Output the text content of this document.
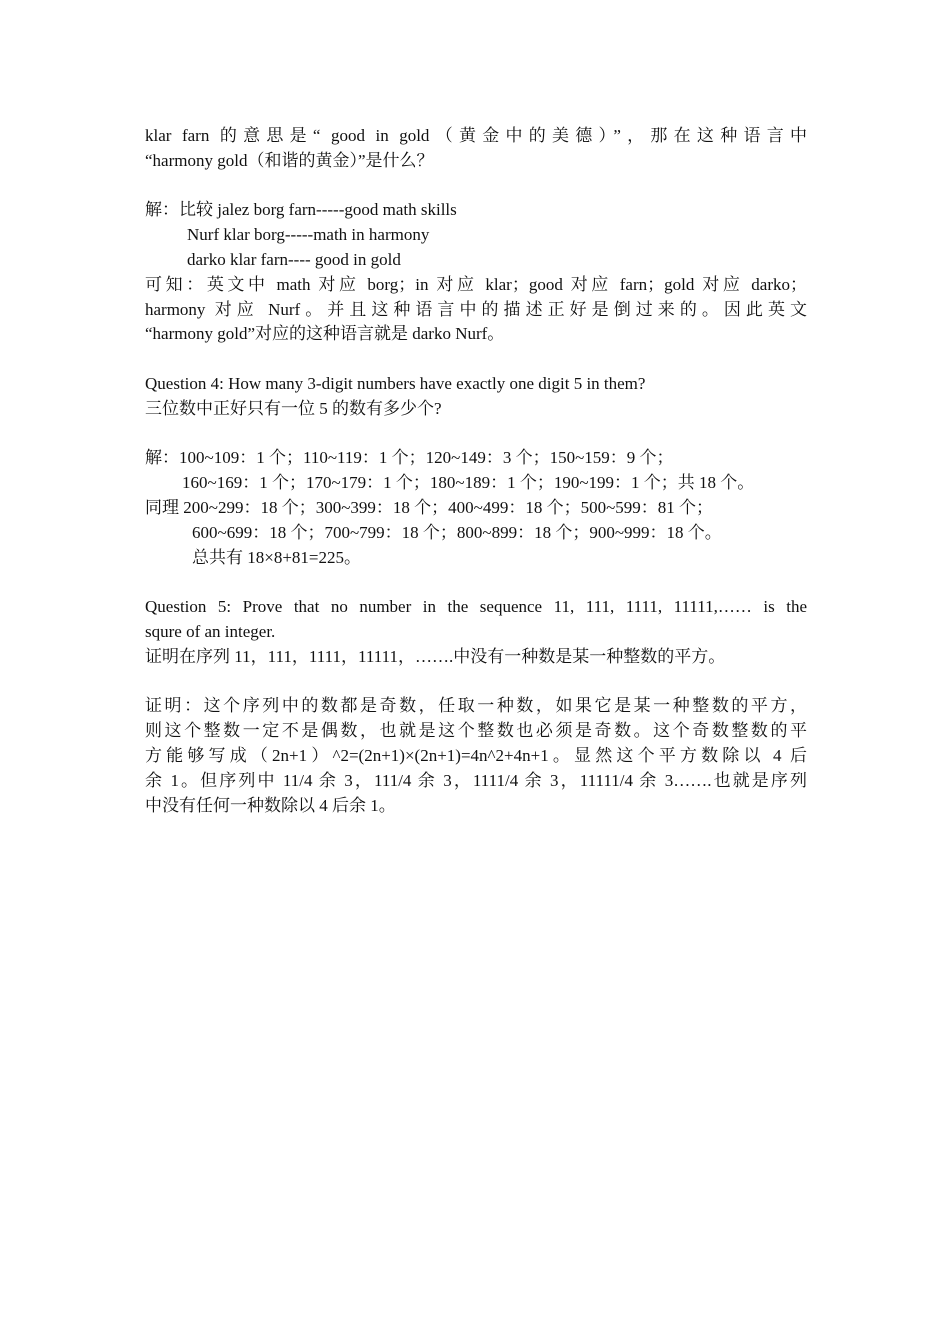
klar farn 的意思是“ good in gold（黄金中的美德）”，那在这种语言中
“harmony gold（和谐的黄金）”是什么？
解：比较 jalez borg farn-----good math skills
Nurf klar borg-----math in harmony
darko klar farn---- good in gold
可知：英文中 math 对应 borg；in 对应 klar；good 对应 farn；gold 对应 darko；
harmony 对应 Nurf。并且这种语言中的描述正好是倒过来的。因此英文
“harmony gold”对应的这种语言就是 darko Nurf。
Question 4: How many 3-digit numbers have exactly one digit 5 in them?
三位数中正好只有一位 5 的数有多少个?
解：100~109：1 个；110~119：1 个；120~149：3 个；150~159：9 个；
160~169：1 个；170~179：1 个；180~189：1 个；190~199：1 个；共 18 个。
同理 200~299：18 个；300~399：18 个；400~499：18 个；500~599：81 个；
600~699：18 个；700~799：18 个；800~899：18 个；900~999：18 个。
总共有 18×8+81=225。
Question 5: Prove that no number in the sequence 11, 111, 1111, 11111,…… is the
squre of an integer.
证明在序列 11，111，1111，11111，…….中没有一种数是某一种整数的平方。
证明：这个序列中的数都是奇数，任取一种数，如果它是某一种整数的平方，
则这个整数一定不是偶数，也就是这个整数也必须是奇数。这个奇数整数的平
方能够写成（2n+1）^2=(2n+1)×(2n+1)=4n^2+4n+1。显然这个平方数除以 4 后
余 1。但序列中 11/4 余 3，111/4 余 3，1111/4 余 3，11111/4 余 3…….也就是序列
中没有任何一种数除以 4 后余 1。
